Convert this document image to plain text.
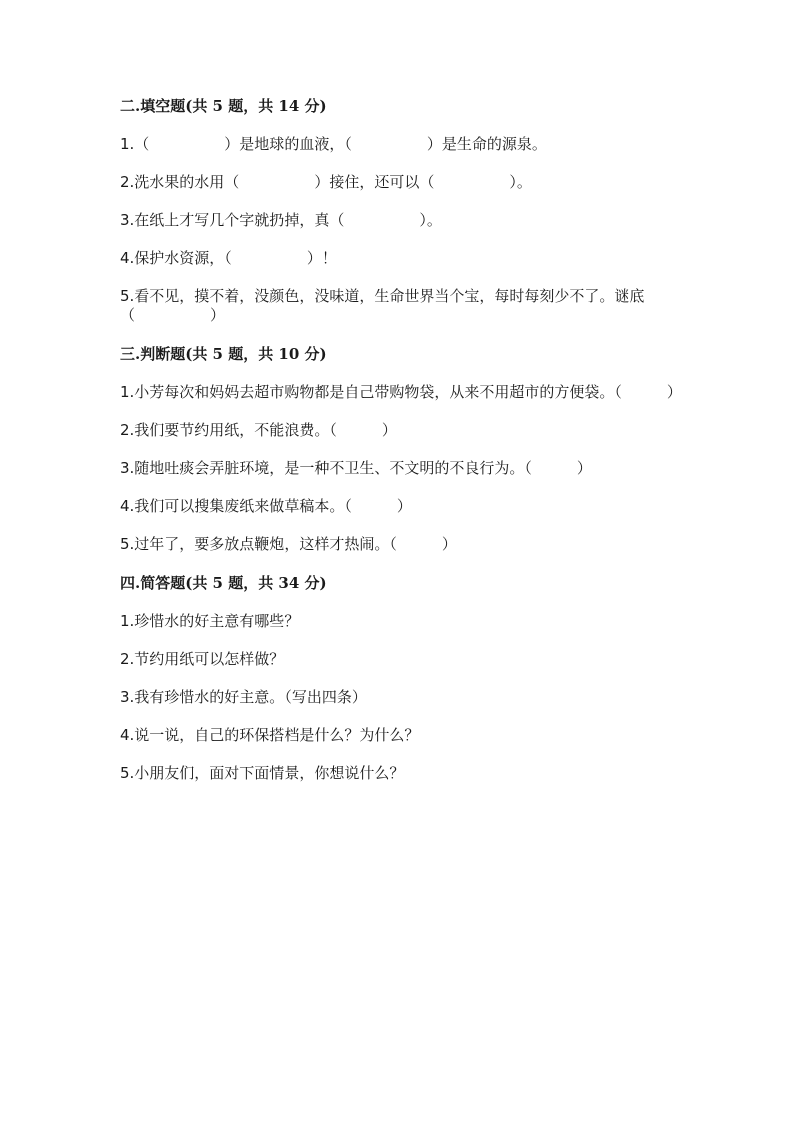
二.填空题(共 5 题，共 14 分)

1.（　　　　　）是地球的血液，（　　　　　）是生命的源泉。

2.洗水果的水用（　　　　　）接住，还可以（　　　　　）。

3.在纸上才写几个字就扔掉，真（　　　　　）。

4.保护水资源，（　　　　　）！

5.看不见，摸不着，没颜色，没味道，生命世界当个宝，每时每刻少不了。谜底（　　　　　）

三.判断题(共 5 题，共 10 分)

1.小芳每次和妈妈去超市购物都是自己带购物袋，从来不用超市的方便袋。（　　　）

2.我们要节约用纸，不能浪费。（　　　）

3.随地吐痰会弄脏环境，是一种不卫生、不文明的不良行为。（　　　）

4.我们可以搜集废纸来做草稿本。（　　　）

5.过年了，要多放点鞭炮，这样才热闹。（　　　）

四.简答题(共 5 题，共 34 分)

1.珍惜水的好主意有哪些？

2.节约用纸可以怎样做？

3.我有珍惜水的好主意。（写出四条）

4.说一说，自己的环保搭档是什么？为什么？

5.小朋友们，面对下面情景，你想说什么？
